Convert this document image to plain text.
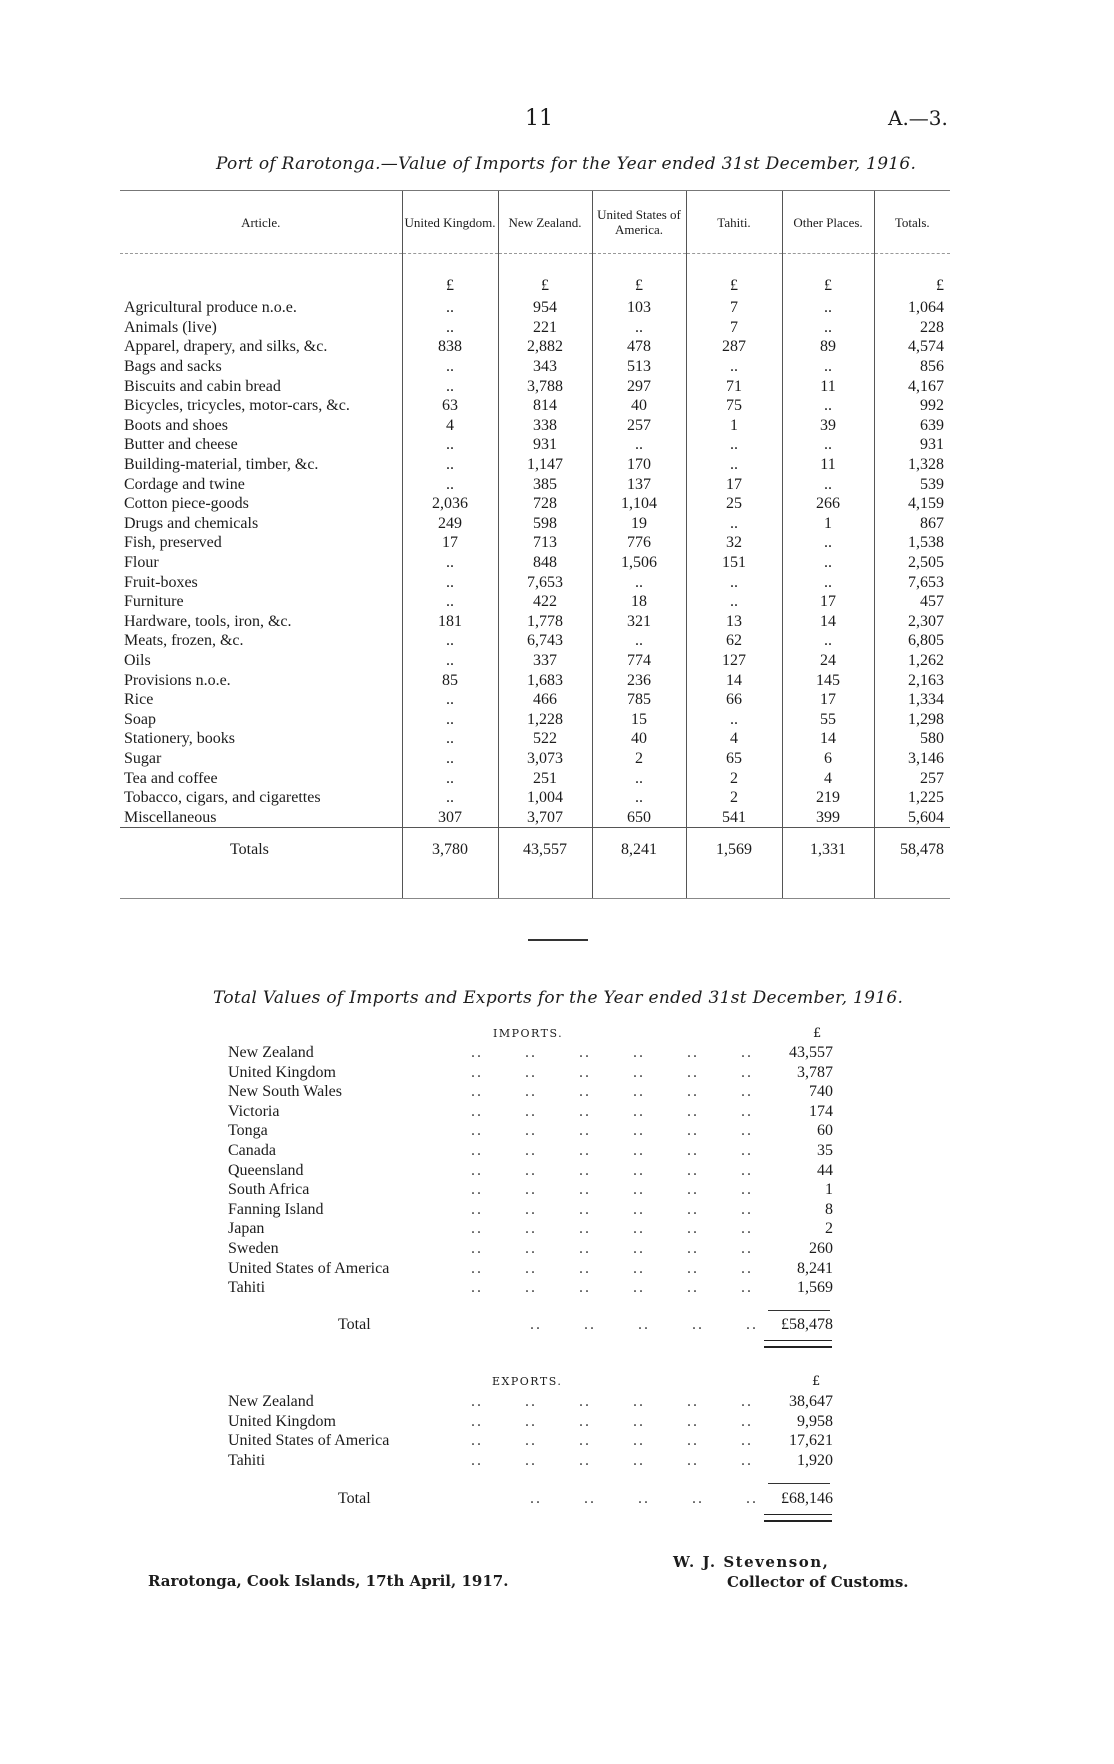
11	A.—3.
Port of Rarotonga.—Value of Imports for the Year ended 31st December, 1916.
Article.	United Kingdom.	New Zealand.	United States of America.	Tahiti.	Other Places.	Totals.
	£	£	£	£	£	£
Agricultural produce n.o.e.	..	954	103	7	..	1,064
Animals (live)	..	221	..	7	..	228
Apparel, drapery, and silks, &c.	838	2,882	478	287	89	4,574
Bags and sacks	..	343	513	..	..	856
Biscuits and cabin bread	..	3,788	297	71	11	4,167
Bicycles, tricycles, motor-cars, &c.	63	814	40	75	..	992
Boots and shoes	4	338	257	1	39	639
Butter and cheese	..	931	..	..	..	931
Building-material, timber, &c.	..	1,147	170	..	11	1,328
Cordage and twine	..	385	137	17	..	539
Cotton piece-goods	2,036	728	1,104	25	266	4,159
Drugs and chemicals	249	598	19	..	1	867
Fish, preserved	17	713	776	32	..	1,538
Flour	..	848	1,506	151	..	2,505
Fruit-boxes	..	7,653	..	..	..	7,653
Furniture	..	422	18	..	17	457
Hardware, tools, iron, &c.	181	1,778	321	13	14	2,307
Meats, frozen, &c.	..	6,743	..	62	..	6,805
Oils	..	337	774	127	24	1,262
Provisions n.o.e.	85	1,683	236	14	145	2,163
Rice	..	466	785	66	17	1,334
Soap	..	1,228	15	..	55	1,298
Stationery, books	..	522	40	4	14	580
Sugar	..	3,073	2	65	6	3,146
Tea and coffee	..	251	..	2	4	257
Tobacco, cigars, and cigarettes	..	1,004	..	2	219	1,225
Miscellaneous	307	3,707	650	541	399	5,604
Totals	3,780	43,557	8,241	1,569	1,331	58,478

Total Values of Imports and Exports for the Year ended 31st December, 1916.
IMPORTS.	£
New Zealand	..       ..       ..       ..       ..       ..	43,557
United Kingdom	..       ..       ..       ..       ..       ..	3,787
New South Wales	..       ..       ..       ..       ..       ..	740
Victoria	..       ..       ..       ..       ..       ..	174
Tonga	..       ..       ..       ..       ..       ..	60
Canada	..       ..       ..       ..       ..       ..	35
Queensland	..       ..       ..       ..       ..       ..	44
South Africa	..       ..       ..       ..       ..       ..	1
Fanning Island	..       ..       ..       ..       ..       ..	8
Japan	..       ..       ..       ..       ..       ..	2
Sweden	..       ..       ..       ..       ..       ..	260
United States of America	..       ..       ..       ..       ..       ..	8,241
Tahiti	..       ..       ..       ..       ..       ..	1,569
Total	..       ..       ..       ..       ..	£58,478
EXPORTS.	£
New Zealand	..       ..       ..       ..       ..       ..	38,647
United Kingdom	..       ..       ..       ..       ..       ..	9,958
United States of America	..       ..       ..       ..       ..       ..	17,621
Tahiti	..       ..       ..       ..       ..       ..	1,920
Total	..       ..       ..       ..       ..	£68,146
W. J. Stevenson,
Collector of Customs.
Rarotonga, Cook Islands, 17th April, 1917.
